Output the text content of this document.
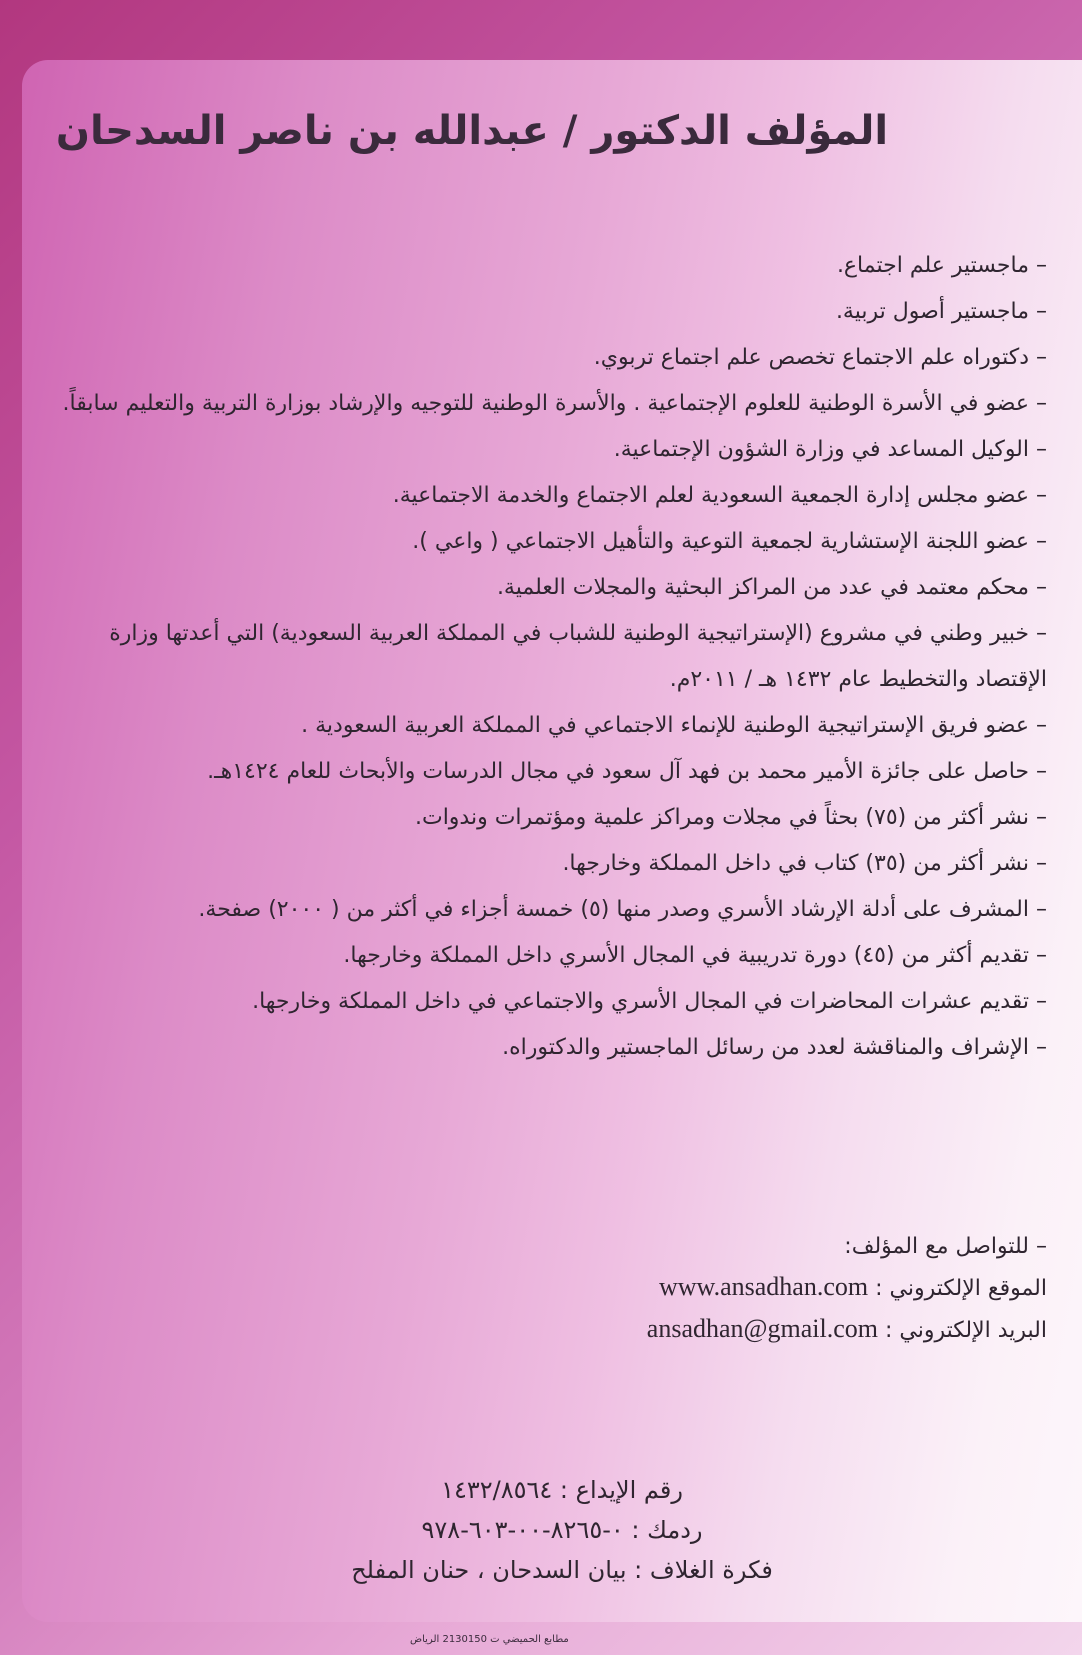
المؤلف الدكتور / عبدالله بن ناصر السدحان
– ماجستير علم اجتماع.
– ماجستير أصول تربية.
– دكتوراه علم الاجتماع تخصص علم اجتماع تربوي.
– عضو في الأسرة الوطنية للعلوم الإجتماعية . والأسرة الوطنية للتوجيه والإرشاد بوزارة التربية والتعليم سابقاً.
– الوكيل المساعد في وزارة الشؤون الإجتماعية.
– عضو مجلس إدارة الجمعية السعودية لعلم الاجتماع والخدمة الاجتماعية.
– عضو اللجنة الإستشارية لجمعية التوعية والتأهيل الاجتماعي ( واعي ).
– محكم معتمد في عدد من المراكز البحثية والمجلات العلمية.
– خبير وطني في مشروع (الإستراتيجية الوطنية للشباب في المملكة العربية السعودية) التي أعدتها وزارة الإقتصاد والتخطيط عام ١٤٣٢ هـ / ٢٠١١م.
– عضو فريق الإستراتيجية الوطنية للإنماء الاجتماعي في المملكة العربية السعودية .
– حاصل على جائزة الأمير محمد بن فهد آل سعود في مجال الدرسات والأبحاث للعام ١٤٢٤هـ.
– نشر أكثر من (٧٥) بحثاً في مجلات ومراكز علمية ومؤتمرات وندوات.
– نشر أكثر من (٣٥) كتاب في داخل المملكة وخارجها.
– المشرف على أدلة الإرشاد الأسري وصدر منها (٥) خمسة أجزاء في أكثر من ( ٢٠٠٠) صفحة.
– تقديم أكثر من (٤٥) دورة تدريبية في المجال الأسري داخل المملكة وخارجها.
– تقديم عشرات المحاضرات في المجال الأسري والاجتماعي في داخل المملكة وخارجها.
– الإشراف والمناقشة لعدد من رسائل الماجستير والدكتوراه.
– للتواصل مع المؤلف:
الموقع الإلكتروني : www.ansadhan.com
البريد الإلكتروني : ansadhan@gmail.com
رقم الإيداع : ١٤٣٢/٨٥٦٤
ردمك : ٠-٨٢٦٥-٠٠-٦٠٣-٩٧٨
فكرة الغلاف : بيان السدحان ، حنان المفلح
مطابع الحميضي ت 2130150 الرياض
